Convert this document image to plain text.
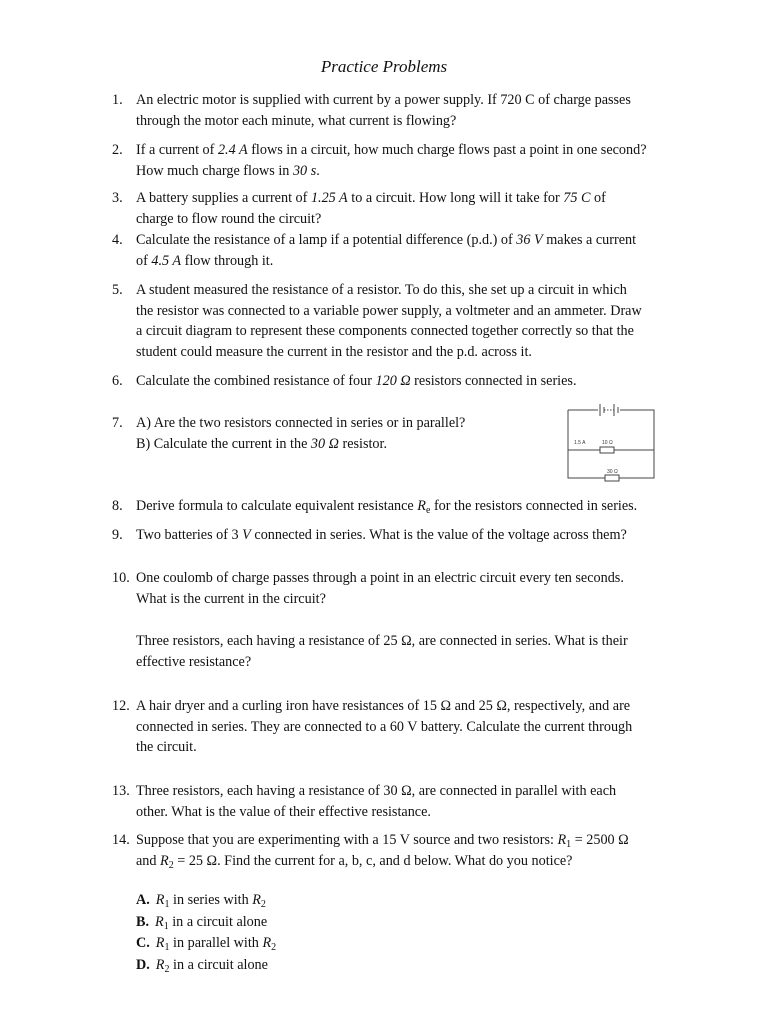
Practice Problems
1. An electric motor is supplied with current by a power supply. If 720 C of charge passes
through the motor each minute, what current is flowing?
2. If a current of 2.4 A flows in a circuit, how much charge flows past a point in one second?
How much charge flows in 30 s.
3. A battery supplies a current of 1.25 A to a circuit. How long will it take for 75 C of
charge to flow round the circuit?
4. Calculate the resistance of a lamp if a potential difference (p.d.) of 36 V makes a current
of 4.5 A flow through it.
5. A student measured the resistance of a resistor. To do this, she set up a circuit in which
the resistor was connected to a variable power supply, a voltmeter and an ammeter. Draw
a circuit diagram to represent these components connected together correctly so that the
student could measure the current in the resistor and the p.d. across it.
6. Calculate the combined resistance of four 120 Ω resistors connected in series.
7. A) Are the two resistors connected in series or in parallel?
B) Calculate the current in the 30 Ω resistor.	1.5 A	10 Ω
30 Ω
8. Derive formula to calculate equivalent resistance $R_e$ for the resistors connected in series.
9. Two batteries of 3 V connected in series. What is the value of the voltage across them?
10. One coulomb of charge passes through a point in an electric circuit every ten seconds.
What is the current in the circuit?
Three resistors, each having a resistance of 25 Ω, are connected in series. What is their
effective resistance?
12. A hair dryer and a curling iron have resistances of 15 Ω and 25 Ω, respectively, and are
connected in series. They are connected to a 60 V battery. Calculate the current through
the circuit.
13. Three resistors, each having a resistance of 30 Ω, are connected in parallel with each
other. What is the value of their effective resistance.
14. Suppose that you are experimenting with a 15 V source and two resistors: $R_1 = 2500$ Ω
and $R_2 = 25$ Ω. Find the current for a, b, c, and d below. What do you notice?
A. $R_1$ in series with $R_2$
B. $R_1$ in a circuit alone
C. $R_1$ in parallel with $R_2$
D. $R_2$ in a circuit alone
